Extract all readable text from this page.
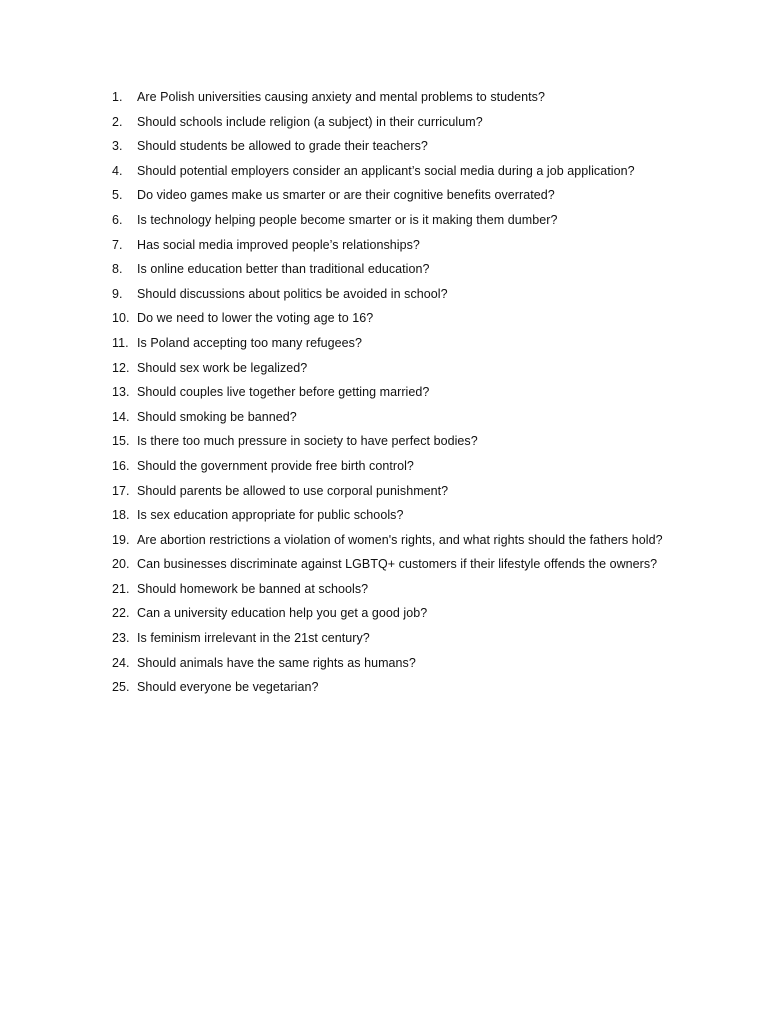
1.	Are Polish universities causing anxiety and mental problems to students?
2.	Should schools include religion (a subject) in their curriculum?
3.	Should students be allowed to grade their teachers?
4.	Should potential employers consider an applicant’s social media during a job application?
5.	Do video games make us smarter or are their cognitive benefits overrated?
6.	Is technology helping people become smarter or is it making them dumber?
7.	Has social media improved people’s relationships?
8.	Is online education better than traditional education?
9.	Should discussions about politics be avoided in school?
10. Do we need to lower the voting age to 16?
11. Is Poland accepting too many refugees?
12. Should sex work be legalized?
13. Should couples live together before getting married?
14. Should smoking be banned?
15. Is there too much pressure in society to have perfect bodies?
16. Should the government provide free birth control?
17. Should parents be allowed to use corporal punishment?
18. Is sex education appropriate for public schools?
19. Are abortion restrictions a violation of women's rights, and what rights should the fathers hold?
20. Can businesses discriminate against LGBTQ+ customers if their lifestyle offends the owners?
21. Should homework be banned at schools?
22. Can a university education help you get a good job?
23. Is feminism irrelevant in the 21st century?
24. Should animals have the same rights as humans?
25. Should everyone be vegetarian?
